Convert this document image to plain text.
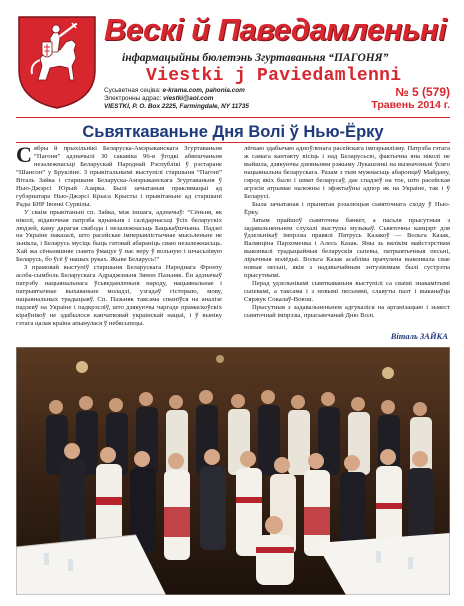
Вескі й Паведамленьні
інфармацыйны бюлетэнь Згуртаваньня “ПАГОНЯ”
Viestki j Paviedamlenni
Сусьветная сеціва: e-krama.com, pahonia.com
Электронны адрас: viestki@aol.com
VIESTKI, P. O. Box 2225, Farmingdale, NY 11735
№ 5 (579)
Травень 2014 г.
Сьвяткаваньне Дня Волі ў Нью-Ёрку

Сябры й прыхільнікі Беларуска-Амэрыканскага Згуртаваньня “Пагоня” адзначылі 30 сакавіка 96-я ўгодкі абвешчаньня незалежнасьці Беларускай Народнай Рэспублікі ў рэстаране “Шансон” у Брукліне. З прывітальнымі выступілі старшыня “Пагоні” Віталь Зайка і старшыня Беларуска-Амэрыканскага Згуртаваньня ў Нью-Джэрсі Юрый Азарка. Былі зачытаныя праклямацыі ад губэрнатара Нью-Джэрсі Крыса Крысты і прывітаньне ад старшыні Рады БНР Івонкі Сурвілы.

У сваім прывітаньні сп. Зайка, між іншага, адзначыў: “Сёньня, як ніколі, відавочная патрэба яднаньня і салідарнасьці ўсіх беларускіх людзей, каму дарагая свабода і незалежнасьць Бацькаўшчыны. Падзеі на Украіне паказалі, што расейскае імперыялістычнае мысьленьне не зьнікла, і Беларусь мусіць быць гатовай абараніць сваю незалежнасьць. Хай жа сёньняшняе сьвята ўмацуе ў нас веру ў вольную і шчасьлівую Беларусь, бо ўсё ў нашых руках. Жыве Беларусь!”

З прамовай выступіў старшыня Беларускага Народнага Фронту асоба-сымболь Беларускага Адраджэньня Зянон Пазьняк. Ён адзначыў патрэбу нацыянальнага ўсьведамленьня народу, нацыянальнае і патрыятычнае выхаваньне моладзі, узгадаў гісторыю, мову, нацыянальных традыцыяў. Сп. Пазьняк таксама спыніўся на аналізе падзеяў на Украіне і падкрэсліў, што дзякуючы чаргаде прамаскоўскіх кіраўнікоў не здабылося канчатковай украінскай нацыі, і ў выніку гэтага цалая краіна апынулася ў небясьпецы.

лёгкаю здабычаю адноўленага расейскага імпэрыялізму. Патрэба гэтага ж самага кантакту вісіць і над Беларусьсю, фактычна яна ніколі не выйшла, дзякуючы дзеяньням рэжыму Лукашэнкі на вызначэньні ўсяго нацыянальна беларускага. Разам з тым мужнасьць абаронцаў Майдану, сярод якіх было і шмат беларусаў, дае спадзеў на тое, што расейская агрэсія атрымае належны і эфэктыўны адпор як на Украіне, так і ў Беларусі.

Была зачытаная і прынятая рэзалюцыя сьвяточнага сходу ў Нью-Ёрку.

Затым прайшоў сьвяточны банкет, а пасьля прысутныя з задавальненьнем слухалі выступы музыкаў. Сьвяточны канцэрт для ўдзельнікаў імпрэзы правялі Пятрусь Казакоў — Вольга Казак, Валянціна Пархоменка і Алесь Казак. Яны зь вялікім майстэрствам выконвалі традыцыйныя беларускія сьпевы, патрыятычныя песьні, лірычныя мэлёдыі. Вольга Казак асаблівa прачулена выконвала свае новыя песьні, якія з надзвычайным энтузіязмам былі сустрэты прысутнымі.

Перад удзельнікамі сьвяткаваньня выступілі са сваімі знакамітымі сьпевамі, а таксама і з новымі песьнямі, славуты паэт і выканаўца Сяржук Сокалаў-Воюш.

Прысутныя з задавальненьнем адгукаліся на арганізацыю і зьмест сьвяточнай імпрэзы, прысьвечанай Дню Волі.

Віталь ЗАЙКА
